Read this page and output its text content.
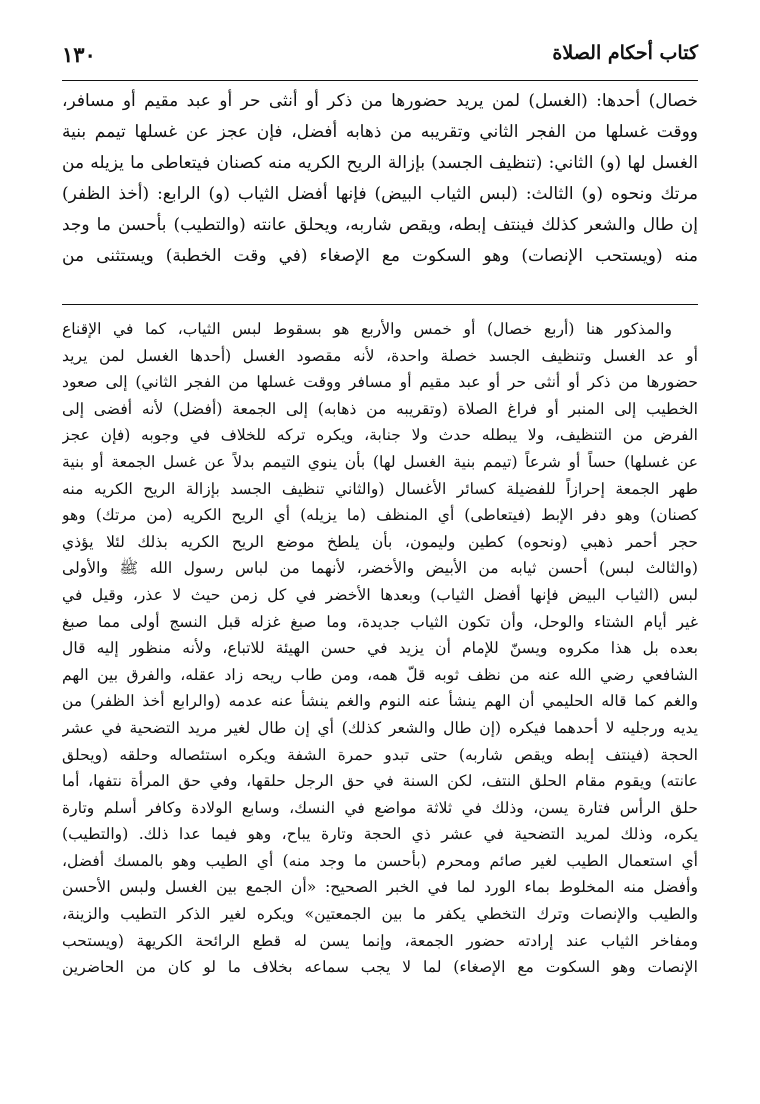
١٣٠	كتاب أحكام الصلاة
خصال) أحدها: (الغسل) لمن يريد حضورها من ذكر أو أنثى حر أو عبد مقيم أو مسافر،
ووقت غسلها من الفجر الثاني وتقريبه من ذهابه أفضل، فإن عجز عن غسلها تيمم بنية
الغسل لها (و) الثاني: (تنظيف الجسد) بإزالة الريح الكريه منه كصنان فيتعاطى ما يزيله من
مرتك ونحوه (و) الثالث: (لبس الثياب البيض) فإنها أفضل الثياب (و) الرابع: (أخذ الظفر)
إن طال والشعر كذلك فينتف إبطه، ويقص شاربه، ويحلق عانته (والتطيب) بأحسن ما وجد
منه (ويستحب الإنصات) وهو السكوت مع الإصغاء (في وقت الخطبة) ويستثنى من
والمذكور هنا (أربع خصال) أو خمس والأربع هو بسقوط لبس الثياب، كما في الإقناع
أو عد الغسل وتنظيف الجسد خصلة واحدة، لأنه مقصود الغسل (أحدها الغسل لمن يريد
حضورها من ذكر أو أنثى حر أو عبد مقيم أو مسافر ووقت غسلها من الفجر الثاني) إلى صعود
الخطيب إلى المنبر أو فراغ الصلاة (وتقريبه من ذهابه) إلى الجمعة (أفضل) لأنه أفضى إلى
الفرض من التنظيف، ولا يبطله حدث ولا جنابة، ويكره تركه للخلاف في وجوبه (فإن عجز
عن غسلها) حساً أو شرعاً (تيمم بنية الغسل لها) بأن ينوي التيمم بدلاً عن غسل الجمعة أو بنية
طهر الجمعة إحرازاً للفضيلة كسائر الأغسال (والثاني تنظيف الجسد بإزالة الريح الكريه منه
كصنان) وهو دفر الإبط (فيتعاطى) أي المنظف (ما يزيله) أي الريح الكريه (من مرتك) وهو
حجر أحمر ذهبي (ونحوه) كطين وليمون، بأن يلطخ موضع الريح الكريه بذلك لئلا يؤذي
(والثالث لبس) أحسن ثيابه من الأبيض والأخضر، لأنهما من لباس رسول الله ﷺ والأولى
لبس (الثياب البيض فإنها أفضل الثياب) وبعدها الأخضر في كل زمن حيث لا عذر، وقيل في
غير أيام الشتاء والوحل، وأن تكون الثياب جديدة، وما صبغ غزله قبل النسج أولى مما صبغ
بعده بل هذا مكروه ويسنّ للإمام أن يزيد في حسن الهيئة للاتباع، ولأنه منظور إليه قال
الشافعي رضي الله عنه من نظف ثوبه قلّ همه، ومن طاب ريحه زاد عقله، والفرق بين الهم
والغم كما قاله الحليمي أن الهم ينشأ عنه النوم والغم ينشأ عنه عدمه (والرابع أخذ الظفر) من
يديه ورجليه لا أحدهما فيكره (إن طال والشعر كذلك) أي إن طال لغير مريد التضحية في عشر
الحجة (فينتف إبطه ويقص شاربه) حتى تبدو حمرة الشفة ويكره استئصاله وحلقه (ويحلق
عانته) ويقوم مقام الحلق النتف، لكن السنة في حق الرجل حلقها، وفي حق المرأة نتفها، أما
حلق الرأس فتارة يسن، وذلك في ثلاثة مواضع في النسك، وسابع الولادة وكافر أسلم وتارة
يكره، وذلك لمريد التضحية في عشر ذي الحجة وتارة يباح، وهو فيما عدا ذلك. (والتطيب)
أي استعمال الطيب لغير صائم ومحرم (بأحسن ما وجد منه) أي الطيب وهو بالمسك أفضل،
وأفضل منه المخلوط بماء الورد لما في الخبر الصحيح: «أن الجمع بين الغسل ولبس الأحسن
والطيب والإنصات وترك التخطي يكفر ما بين الجمعتين» ويكره لغير الذكر التطيب والزينة،
ومفاخر الثياب عند إرادته حضور الجمعة، وإنما يسن له قطع الرائحة الكريهة (ويستحب
الإنصات وهو السكوت مع الإصغاء) لما لا يجب سماعه بخلاف ما لو كان من الحاضرين
